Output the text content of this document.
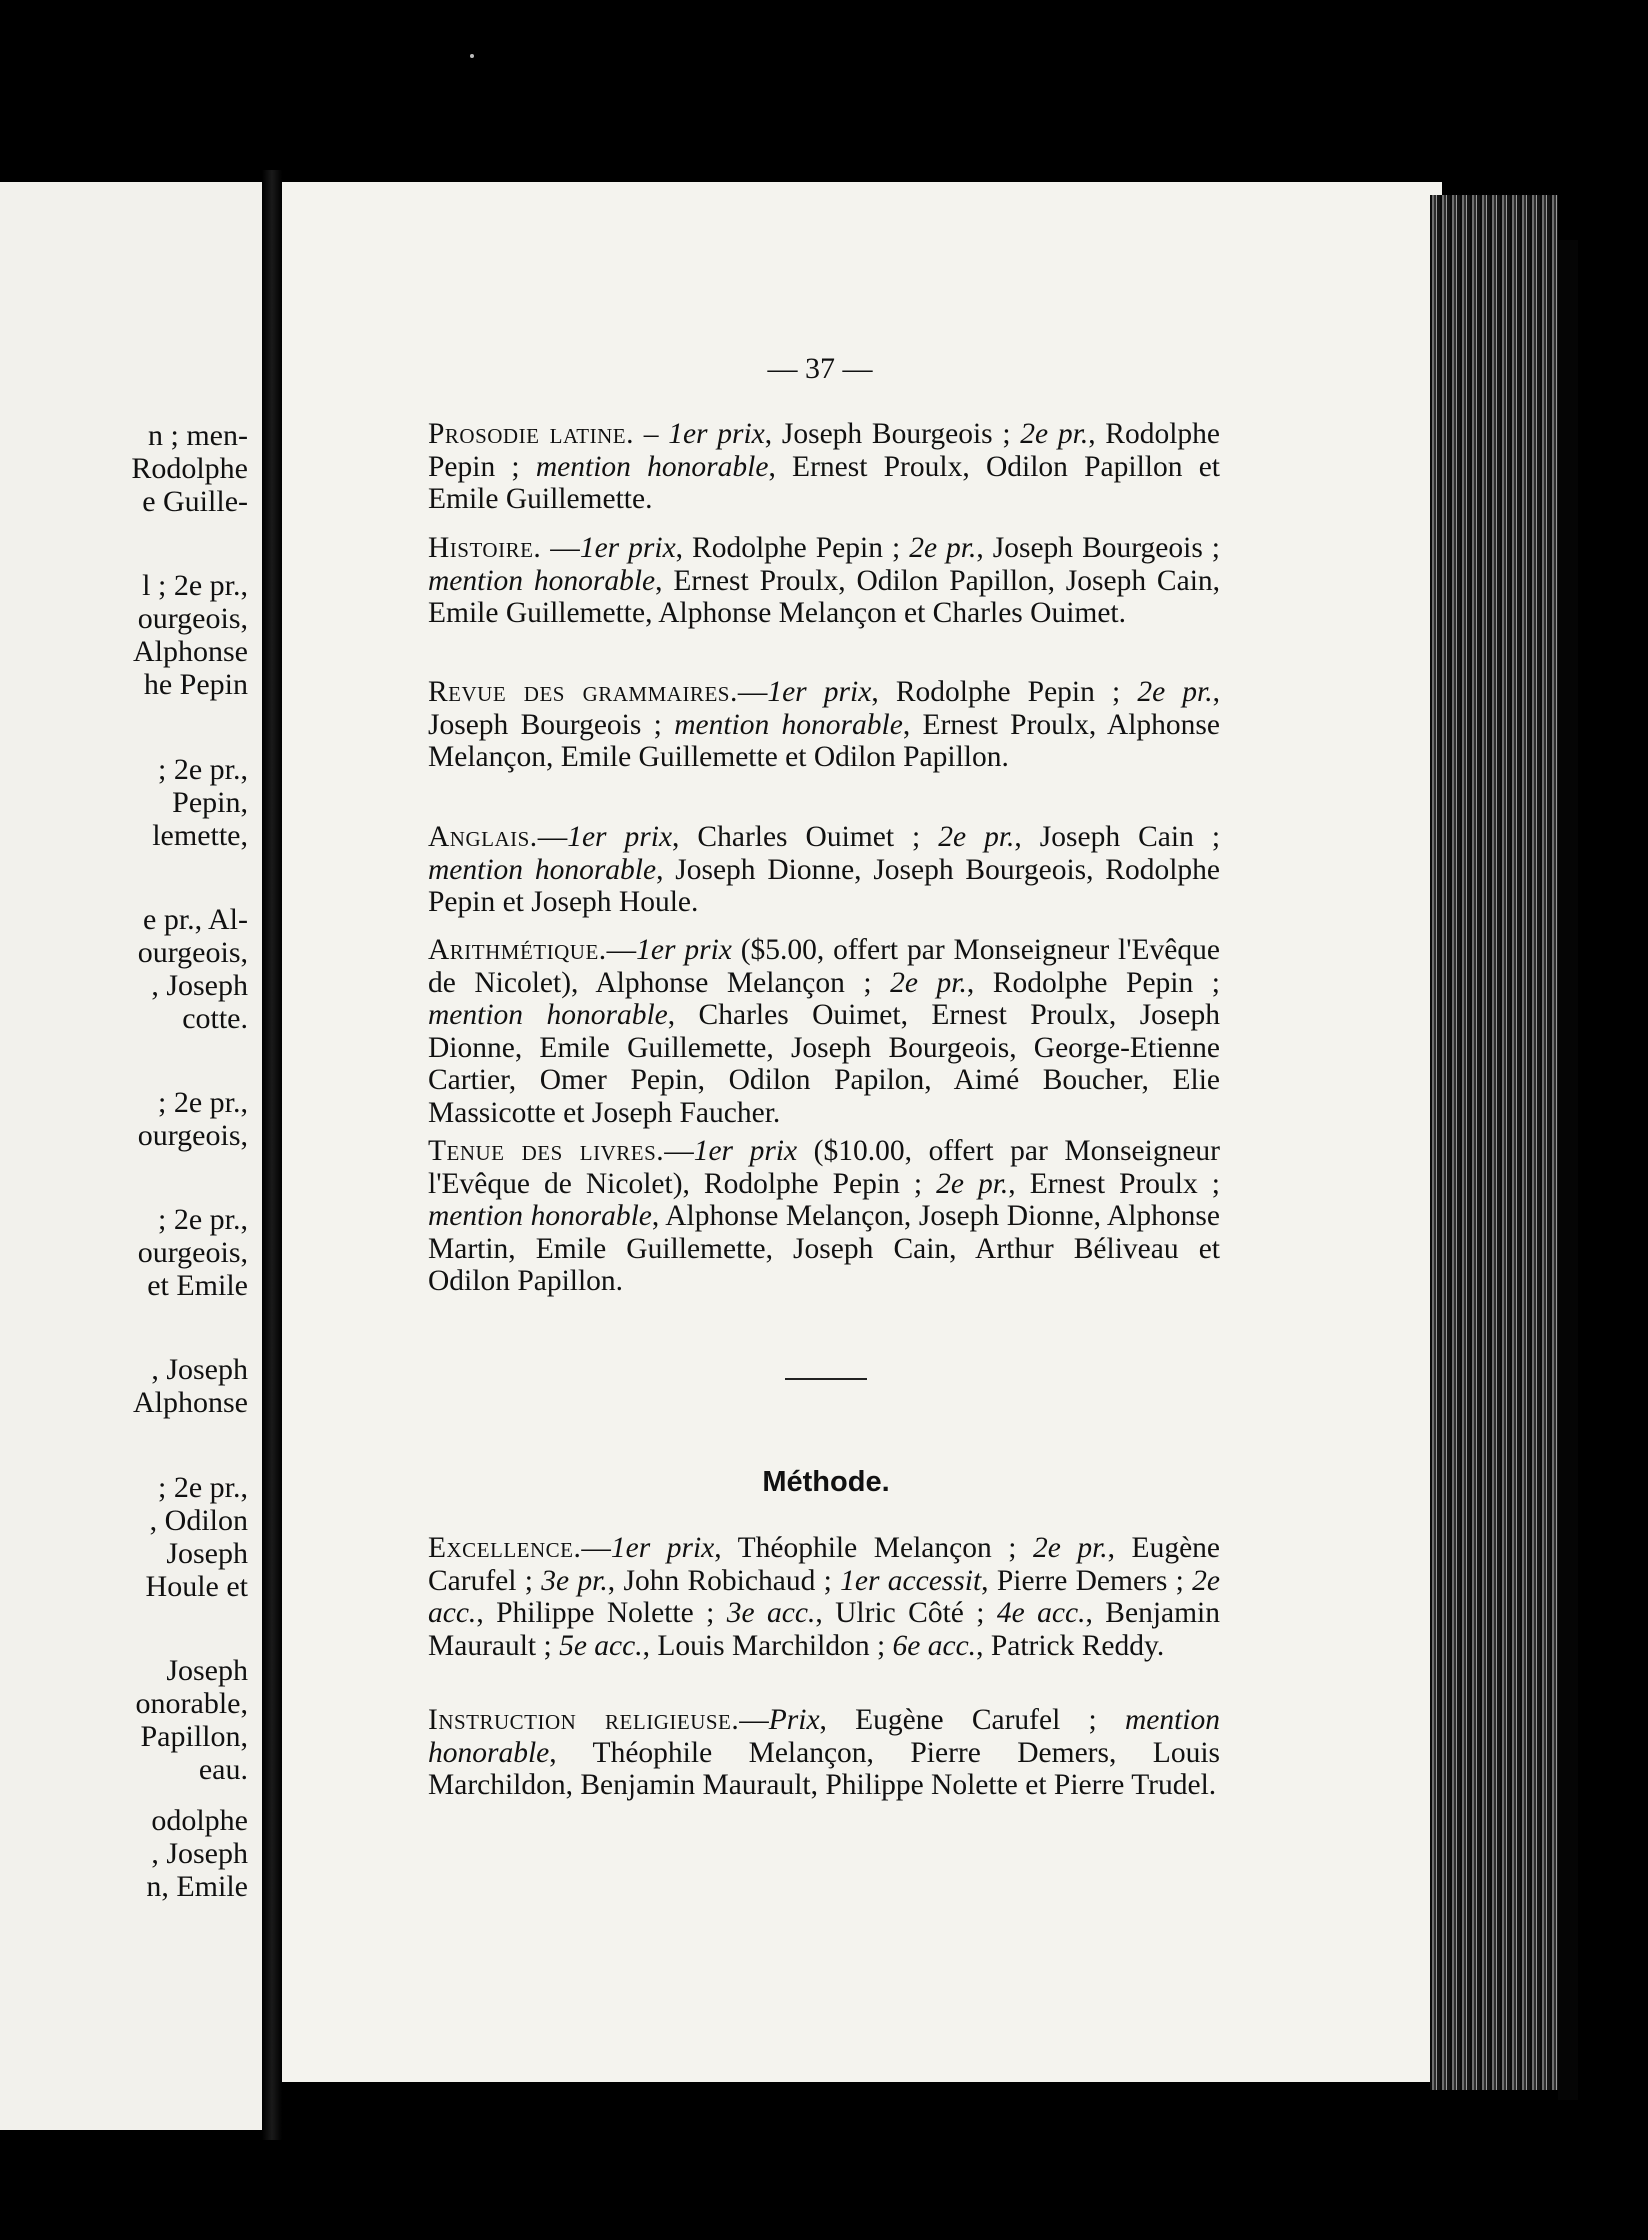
n ; men-
Rodolphe
e Guille-
l ; 2e pr.,
ourgeois,
Alphonse
he Pepin
; 2e pr.,
Pepin,
lemette,
e pr., Al-
ourgeois,
, Joseph
cotte.
; 2e pr.,
ourgeois,
; 2e pr.,
ourgeois,
et Emile
, Joseph
Alphonse
; 2e pr.,
, Odilon
Joseph
Houle et
Joseph
onorable,
Papillon,
eau.
odolphe
, Joseph
n, Emile
— 37 —

Prosodie latine. – 1er prix, Joseph Bourgeois ; 2e pr., Rodolphe Pepin ; mention honorable, Ernest Proulx, Odilon Papillon et Emile Guillemette.

Histoire. —1er prix, Rodolphe Pepin ; 2e pr., Joseph Bourgeois ; mention honorable, Ernest Proulx, Odilon Papillon, Joseph Cain, Emile Guillemette, Alphonse Melançon et Charles Ouimet.

Revue des grammaires.—1er prix, Rodolphe Pepin ; 2e pr., Joseph Bourgeois ; mention honorable, Ernest Proulx, Alphonse Melançon, Emile Guillemette et Odilon Papillon.

Anglais.—1er prix, Charles Ouimet ; 2e pr., Joseph Cain ; mention honorable, Joseph Dionne, Joseph Bourgeois, Rodolphe Pepin et Joseph Houle.

Arithmétique.—1er prix ($5.00, offert par Monseigneur l'Evêque de Nicolet), Alphonse Melançon ; 2e pr., Rodolphe Pepin ; mention honorable, Charles Ouimet, Ernest Proulx, Joseph Dionne, Emile Guillemette, Joseph Bourgeois, George-Etienne Cartier, Omer Pepin, Odilon Papilon, Aimé Boucher, Elie Massicotte et Joseph Faucher.

Tenue des livres.—1er prix ($10.00, offert par Monseigneur l'Evêque de Nicolet), Rodolphe Pepin ; 2e pr., Ernest Proulx ; mention honorable, Alphonse Melançon, Joseph Dionne, Alphonse Martin, Emile Guillemette, Joseph Cain, Arthur Béliveau et Odilon Papillon.

Méthode.

Excellence.—1er prix, Théophile Melançon ; 2e pr., Eugène Carufel ; 3e pr., John Robichaud ; 1er accessit, Pierre Demers ; 2e acc., Philippe Nolette ; 3e acc., Ulric Côté ; 4e acc., Benjamin Maurault ; 5e acc., Louis Marchildon ; 6e acc., Patrick Reddy.

Instruction religieuse.—Prix, Eugène Carufel ; mention honorable, Théophile Melançon, Pierre Demers, Louis Marchildon, Benjamin Maurault, Philippe Nolette et Pierre Trudel.
